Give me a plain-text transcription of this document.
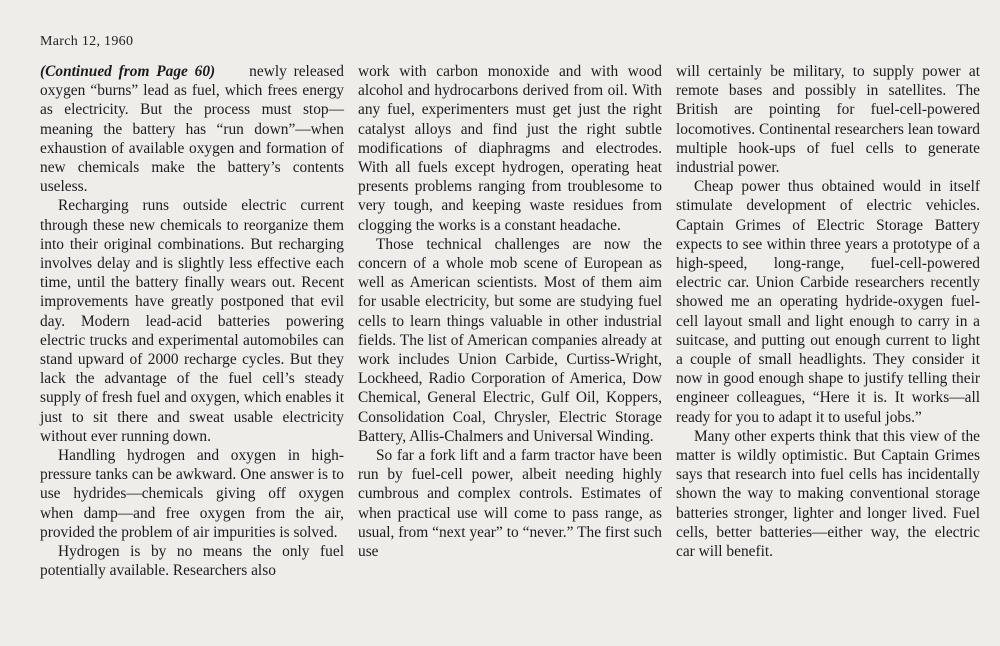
March 12, 1960

(Continued from Page 60) newly released oxygen “burns” lead as fuel, which frees energy as electricity. But the process must stop—meaning the battery has “run down”—when exhaustion of available oxygen and formation of new chemicals make the battery’s contents useless.

Recharging runs outside electric current through these new chemicals to reorganize them into their original combinations. But recharging involves delay and is slightly less effective each time, until the battery finally wears out. Recent improvements have greatly postponed that evil day. Modern lead-acid batteries powering electric trucks and experimental automobiles can stand upward of 2000 recharge cycles. But they lack the advantage of the fuel cell’s steady supply of fresh fuel and oxygen, which enables it just to sit there and sweat usable electricity without ever running down.

Handling hydrogen and oxygen in high-pressure tanks can be awkward. One answer is to use hydrides—chemicals giving off oxygen when damp—and free oxygen from the air, provided the problem of air impurities is solved.

Hydrogen is by no means the only fuel potentially available. Researchers also

work with carbon monoxide and with wood alcohol and hydrocarbons derived from oil. With any fuel, experimenters must get just the right catalyst alloys and find just the right subtle modifications of diaphragms and electrodes. With all fuels except hydrogen, operating heat presents problems ranging from troublesome to very tough, and keeping waste residues from clogging the works is a constant headache.

Those technical challenges are now the concern of a whole mob scene of European as well as American scientists. Most of them aim for usable electricity, but some are studying fuel cells to learn things valuable in other industrial fields. The list of American companies already at work includes Union Carbide, Curtiss-Wright, Lockheed, Radio Corporation of America, Dow Chemical, General Electric, Gulf Oil, Koppers, Consolidation Coal, Chrysler, Electric Storage Battery, Allis-Chalmers and Universal Winding.

So far a fork lift and a farm tractor have been run by fuel-cell power, albeit needing highly cumbrous and complex controls. Estimates of when practical use will come to pass range, as usual, from “next year” to “never.” The first such use

will certainly be military, to supply power at remote bases and possibly in satellites. The British are pointing for fuel-cell-powered locomotives. Continental researchers lean toward multiple hook-ups of fuel cells to generate industrial power.

Cheap power thus obtained would in itself stimulate development of electric vehicles. Captain Grimes of Electric Storage Battery expects to see within three years a prototype of a high-speed, long-range, fuel-cell-powered electric car. Union Carbide researchers recently showed me an operating hydride-oxygen fuel-cell layout small and light enough to carry in a suitcase, and putting out enough current to light a couple of small headlights. They consider it now in good enough shape to justify telling their engineer colleagues, “Here it is. It works—all ready for you to adapt it to useful jobs.”

Many other experts think that this view of the matter is wildly optimistic. But Captain Grimes says that research into fuel cells has incidentally shown the way to making conventional storage batteries stronger, lighter and longer lived. Fuel cells, better batteries—either way, the electric car will benefit.
